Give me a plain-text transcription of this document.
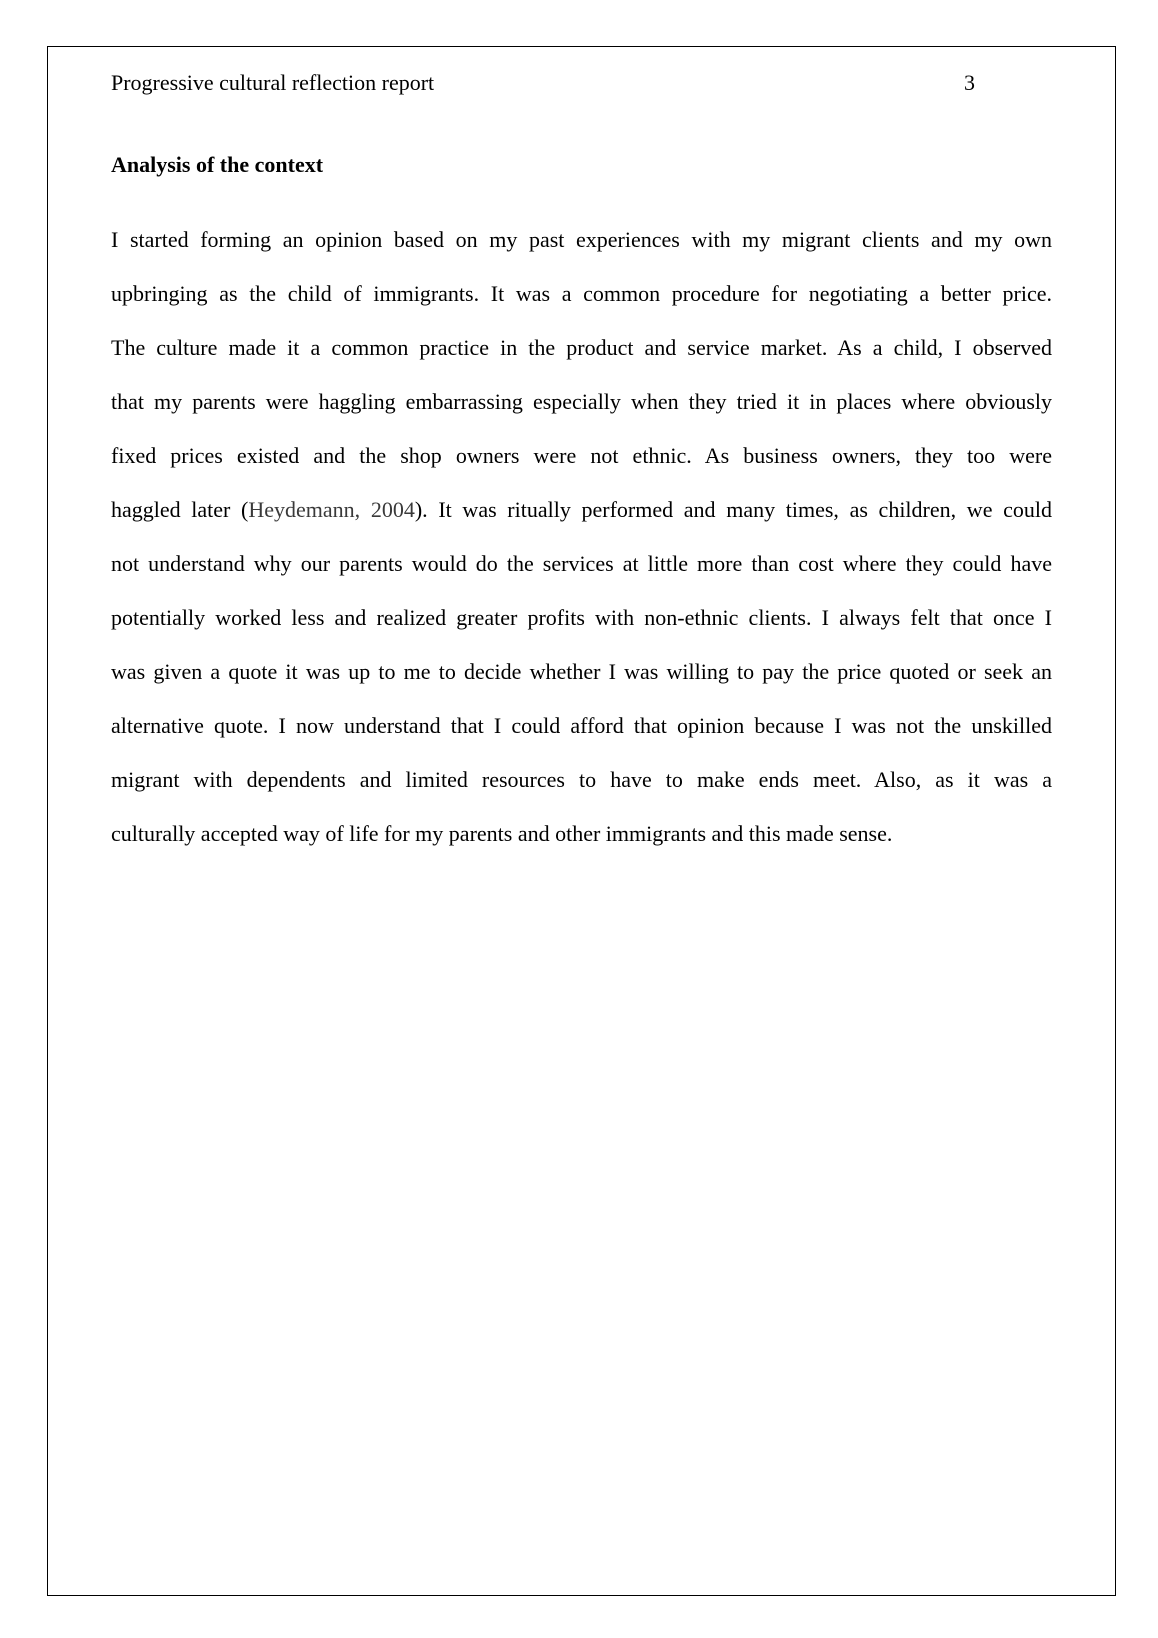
Progressive cultural reflection report	3
Analysis of the context
I started forming an opinion based on my past experiences with my migrant clients and my own
upbringing as the child of immigrants. It was a common procedure for negotiating a better price.
The culture made it a common practice in the product and service market. As a child, I observed
that my parents were haggling embarrassing especially when they tried it in places where obviously
fixed prices existed and the shop owners were not ethnic. As business owners, they too were
haggled later (Heydemann, 2004). It was ritually performed and many times, as children, we could
not understand why our parents would do the services at little more than cost where they could have
potentially worked less and realized greater profits with non-ethnic clients. I always felt that once I
was given a quote it was up to me to decide whether I was willing to pay the price quoted or seek an
alternative quote. I now understand that I could afford that opinion because I was not the unskilled
migrant with dependents and limited resources to have to make ends meet. Also, as it was a
culturally accepted way of life for my parents and other immigrants and this made sense.
